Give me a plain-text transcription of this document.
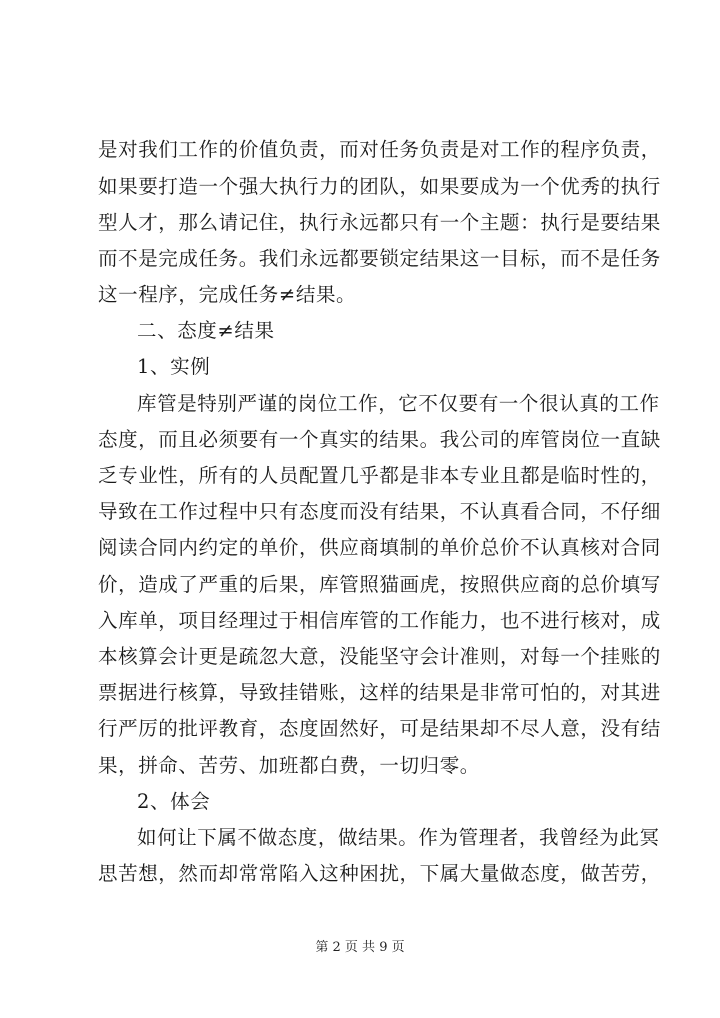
是对我们工作的价值负责，而对任务负责是对工作的程序负责，
如果要打造一个强大执行力的团队，如果要成为一个优秀的执行
型人才，那么请记住，执行永远都只有一个主题：执行是要结果
而不是完成任务。我们永远都要锁定结果这一目标，而不是任务
这一程序，完成任务≠结果。
二、态度≠结果
1、实例
库管是特别严谨的岗位工作，它不仅要有一个很认真的工作
态度，而且必须要有一个真实的结果。我公司的库管岗位一直缺
乏专业性，所有的人员配置几乎都是非本专业且都是临时性的，
导致在工作过程中只有态度而没有结果，不认真看合同，不仔细
阅读合同内约定的单价，供应商填制的单价总价不认真核对合同
价，造成了严重的后果，库管照猫画虎，按照供应商的总价填写
入库单，项目经理过于相信库管的工作能力，也不进行核对，成
本核算会计更是疏忽大意，没能坚守会计准则，对每一个挂账的
票据进行核算，导致挂错账，这样的结果是非常可怕的，对其进
行严厉的批评教育，态度固然好，可是结果却不尽人意，没有结
果，拼命、苦劳、加班都白费，一切归零。
2、体会
如何让下属不做态度，做结果。作为管理者，我曾经为此冥
思苦想，然而却常常陷入这种困扰，下属大量做态度，做苦劳，
第 2 页 共 9 页
